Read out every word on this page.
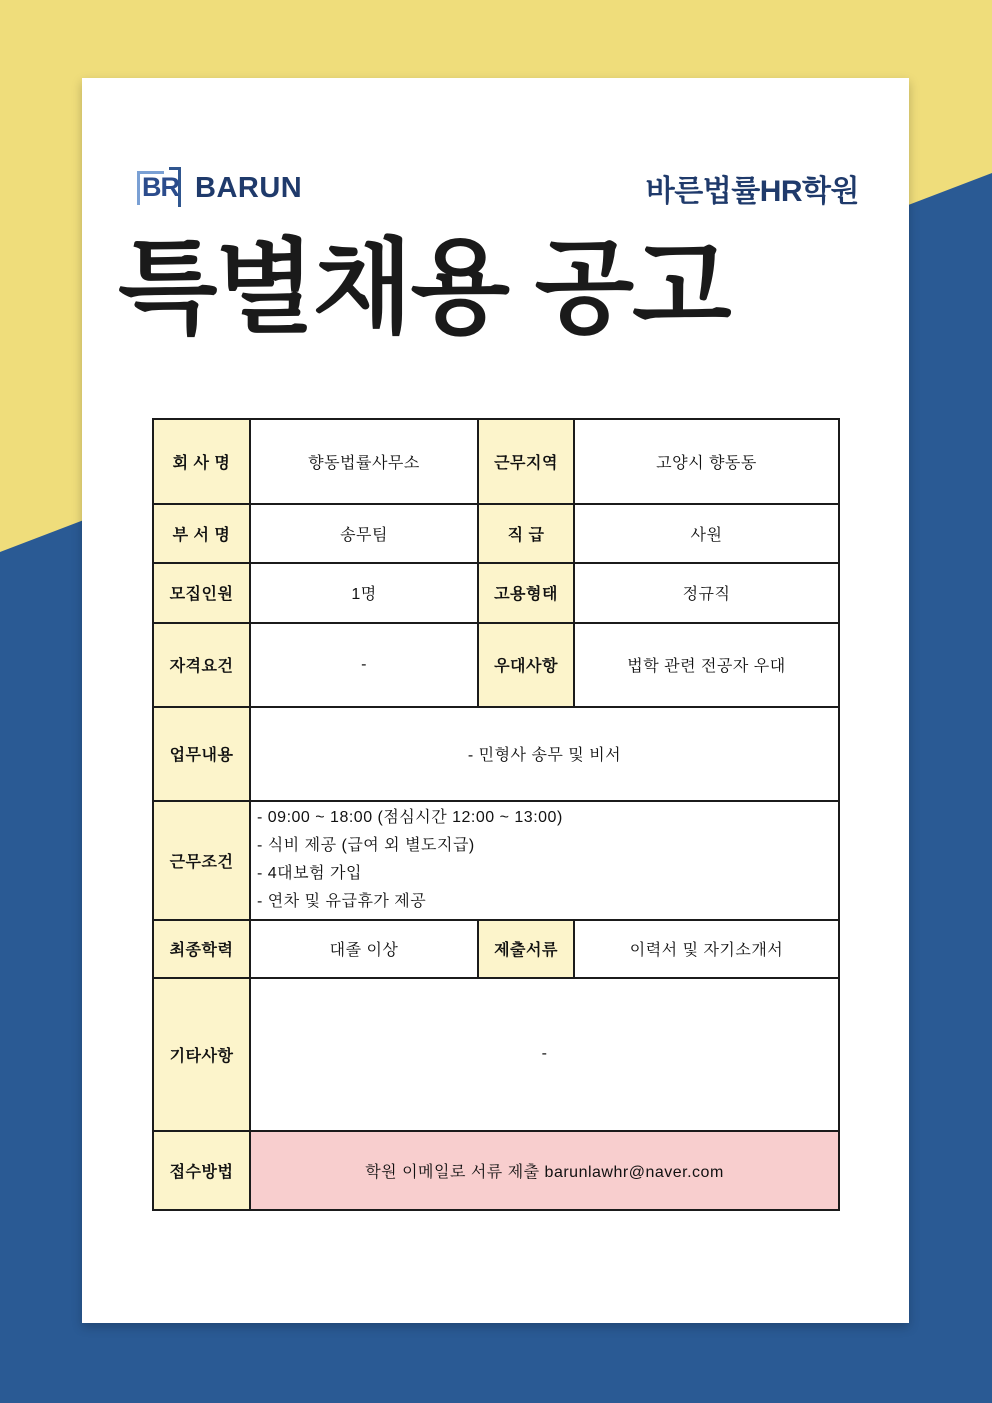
BR BARUN	바른법률HR학원
특별채용 공고
회 사 명	향동법률사무소	근무지역	고양시 향동동
부 서 명	송무팀	직 급	사원
모집인원	1명	고용형태	정규직
자격요건	-	우대사항	법학 관련 전공자 우대
업무내용	- 민형사 송무 및 비서		
근무조건	- 09:00 ~ 18:00 (점심시간 12:00 ~ 13:00)
- 식비 제공 (급여 외 별도지급)
- 4대보험 가입
- 연차 및 유급휴가 제공		

최종학력	대졸 이상	제출서류	이력서 및 자기소개서
기타사항	-		
접수방법	학원 이메일로 서류 제출 barunlawhr@naver.com		
